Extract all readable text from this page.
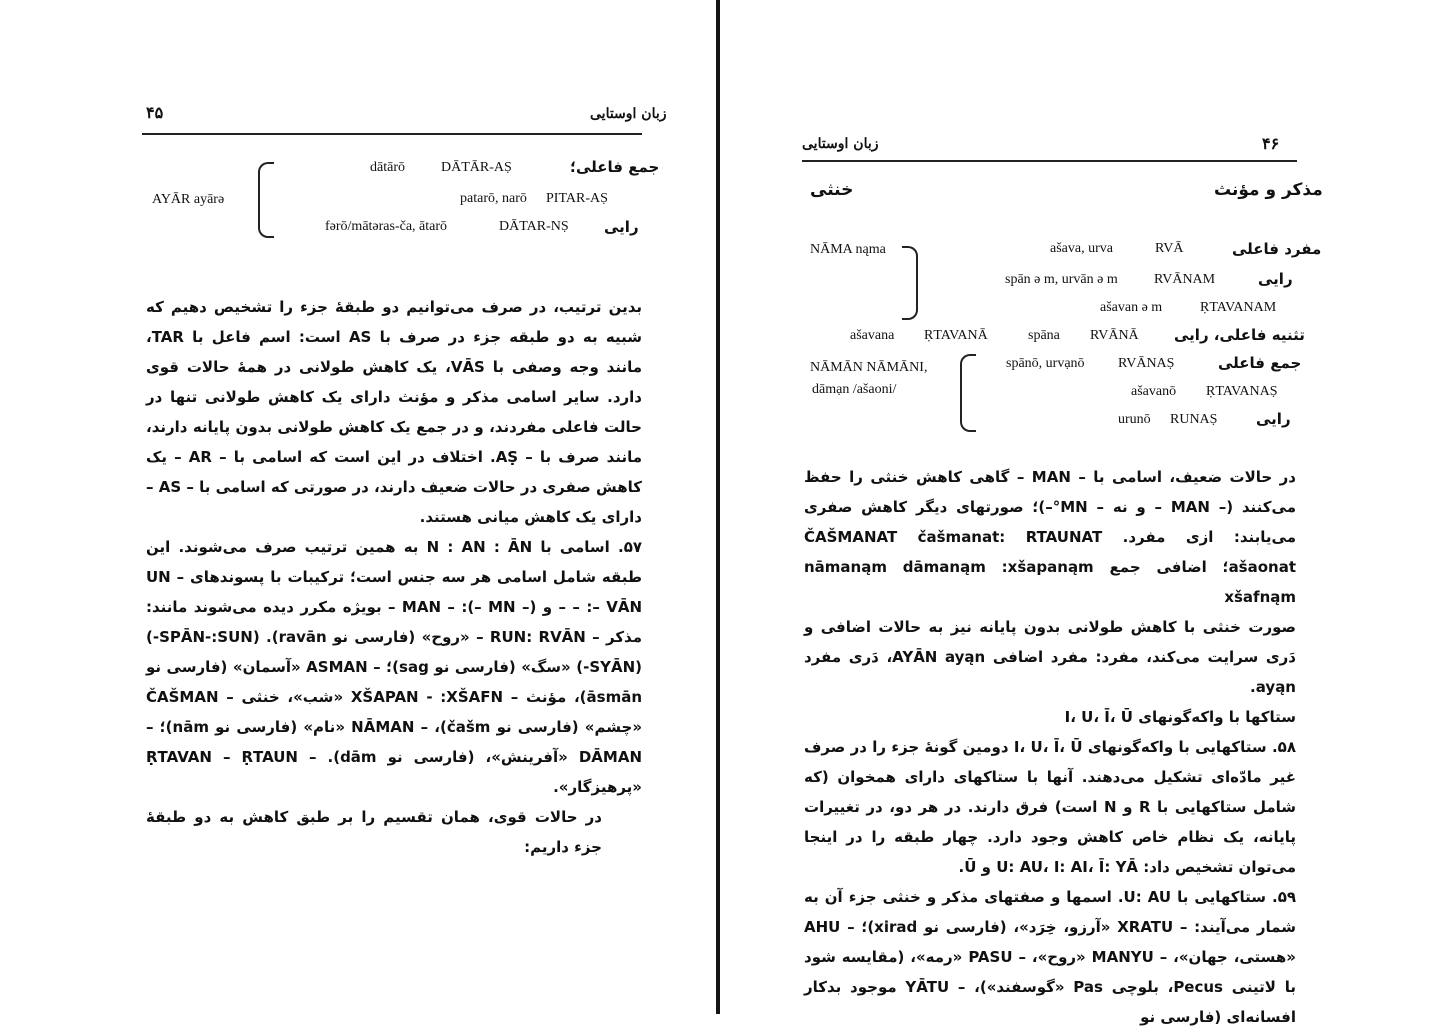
۴۵	زبان اوستایی
جمع فاعلی؛
DĀTĀR-AṢ
dātārō
PITAR-AṢ
patarō, narō
رایی
DĀTAR-NṢ
fərō/mātəras-ča, ātarō
AYĀR ayārə

بدین ترتیب، در صرف می‌توانیم دو طبقهٔ جزء را تشخیص دهیم که شبیه به دو طبقه جزء در صرف با AS است: اسم فاعل با TAR، مانند وجه وصفی با VĀS، یک کاهش طولانی در همهٔ حالات قوی دارد. سایر اسامی مذکر و مؤنث دارای یک کاهش طولانی تنها در حالت فاعلی مفردند، و در جمع یک کاهش طولانی بدون پایانه دارند، مانند صرف با – AṢ. اختلاف در این است که اسامی با – AR – یک کاهش صفری در حالات ضعیف دارند، در صورتی که اسامی با – AS – دارای یک کاهش میانی هستند.

۵۷. اسامی با N : AN : ĀN به همین ترتیب صرف می‌شوند. این طبقه شامل اسامی هر سه جنس است؛ ترکیبات با پسوندهای – UN – :– VĀN – و (– MN –): – MAN – بویژه مکرر دیده می‌شوند مانند: مذکر – RUN: RVĀN – «روح» (فارسی نو ravān). (SPĀN-:SUN-) (SYĀN-) «سگ» (فارسی نو sag)؛ – ASMAN «آسمان» (فارسی نو āsmān)، مؤنث – XŠAPAN - :XŠAFN «شب»، خنثی – ČAŠMAN «چشم» (فارسی نو čašm)، – NĀMAN «نام» (فارسی نو nām)؛ – DĀMAN «آفرینش»، (فارسی نو dām). – ṚTAVAN – ṚTAUN «پرهیزگار».

در حالات قوی، همان تقسیم را بر طبق کاهش به دو طبقهٔ جزء داریم:

۴۶
زبان اوستایی
مذکر و مؤنث
خنثی
مفرد فاعلی
RVĀ
ašava, urva
رایی
RVĀNAM
spān ə m, urvān ə m
ṚTAVANAM
ašavan ə m
تثنیه فاعلی، رایی
RVĀNĀ
spāna
ṚTAVANĀ
ašavana
جمع فاعلی
RVĀNAṢ
spānō, urvạnō
ṚTAVANAṢ
ašavanō
رایی
RUNAṢ
urunō
NĀMA nąma
NĀMĀN NĀMĀNI,
dāmạn /ašaoni/

در حالات ضعیف، اسامی با – MAN – گاهی کاهش خنثی را حفظ می‌کنند (– MAN – و نه – MN°–)؛ صورتهای دیگر کاهش صفری می‌یابند: ازی مفرد. ČAŠMANAT čašmanat: RTAUNAT ašaonat؛ اضافی جمع nāmanąm dāmanąm :xšapanąm xšafnąm

صورت خنثی با کاهش طولانی بدون پایانه نیز به حالات اضافی و دَری سرایت می‌کند، مفرد: مفرد اضافی AYĀN ayąn، دَری مفرد ayąn.

ستاکها با واکه‌گونهای I، U، Ī، Ū

۵۸. ستاکهایی با واکه‌گونهای I، U، Ī، Ū دومین گونهٔ جزء را در صرف غیر مادّه‌ای تشکیل می‌دهند. آنها با ستاکهای دارای همخوان (که شامل ستاکهایی با R و N است) فرق دارند. در هر دو، در تغییرات پایانه، یک نظام خاص کاهش وجود دارد. چهار طبقه را در اینجا می‌توان تشخیص داد: U: AU، I: AI، Ī: YĀ و Ū.

۵۹. ستاکهایی با U: AU. اسمها و صفتهای مذکر و خنثی جزء آن به شمار می‌آیند: – XRATU «آرزو، خِرَد»، (فارسی نو xirad)؛ – AHU «هستی، جهان»، – MANYU «روح»، – PASU «رمه»، (مقایسه شود با لاتینی Pecus، بلوچی Pas «گوسفند»)، – YĀTU موجود بدکار افسانه‌ای (فارسی نو
